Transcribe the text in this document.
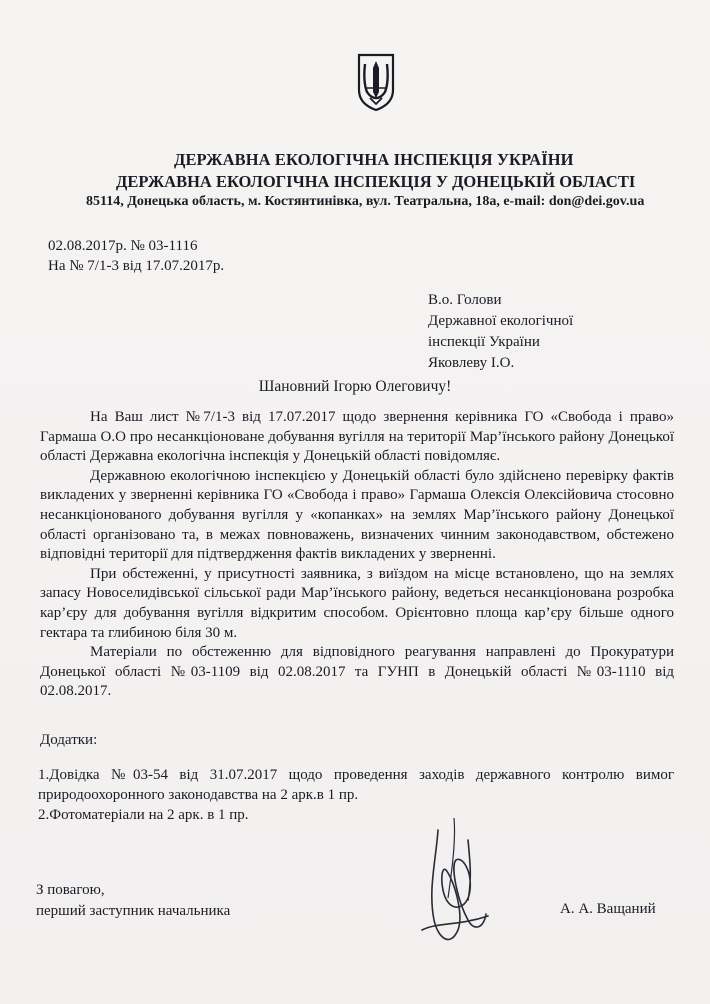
ДЕРЖАВНА ЕКОЛОГІЧНА ІНСПЕКЦІЯ УКРАЇНИ
ДЕРЖАВНА ЕКОЛОГІЧНА ІНСПЕКЦІЯ У ДОНЕЦЬКІЙ ОБЛАСТІ
85114, Донецька область, м. Костянтинівка, вул. Театральна, 18а, e-mail: don@dei.gov.ua
02.08.2017р. № 03-1116
На № 7/1-3 від 17.07.2017р.
В.о. Голови
Державної екологічної
інспекції України
Яковлеву І.О.
Шановний Ігорю Олеговичу!

На Ваш лист №7/1-3 від 17.07.2017 щодо звернення керівника ГО «Свобода і право» Гармаша О.О про несанкціоноване добування вугілля на території Мар’їнського району Донецької області Державна екологічна інспекція у Донецькій області повідомляє.

Державною екологічною інспекцією у Донецькій області було здійснено перевірку фактів викладених у зверненні керівника ГО «Свобода і право» Гармаша Олексія Олексійовича стосовно несанкціонованого добування вугілля у «копанках» на землях Мар’їнського району Донецької області організовано та, в межах повноважень, визначених чинним законодавством, обстежено відповідні території для підтвердження фактів викладених у зверненні.

При обстеженні, у присутності заявника, з виїздом на місце встановлено, що на землях запасу Новоселидівської сільської ради Мар’їнського району, ведеться несанкціонована розробка кар’єру для добування вугілля відкритим способом. Орієнтовно площа кар’єру більше одного гектара та глибиною біля 30 м.

Матеріали по обстеженню для відповідного реагування направлені до Прокуратури Донецької області №03-1109 від 02.08.2017 та ГУНП в Донецькій області №03-1110 від 02.08.2017.

Додатки:
1.Довідка №03-54 від 31.07.2017 щодо проведення заходів державного контролю вимог природоохоронного законодавства на 2 арк.в 1 пр.
2.Фотоматеріали на 2 арк. в 1 пр.
З повагою,
перший заступник начальника	А. А. Ващаний
